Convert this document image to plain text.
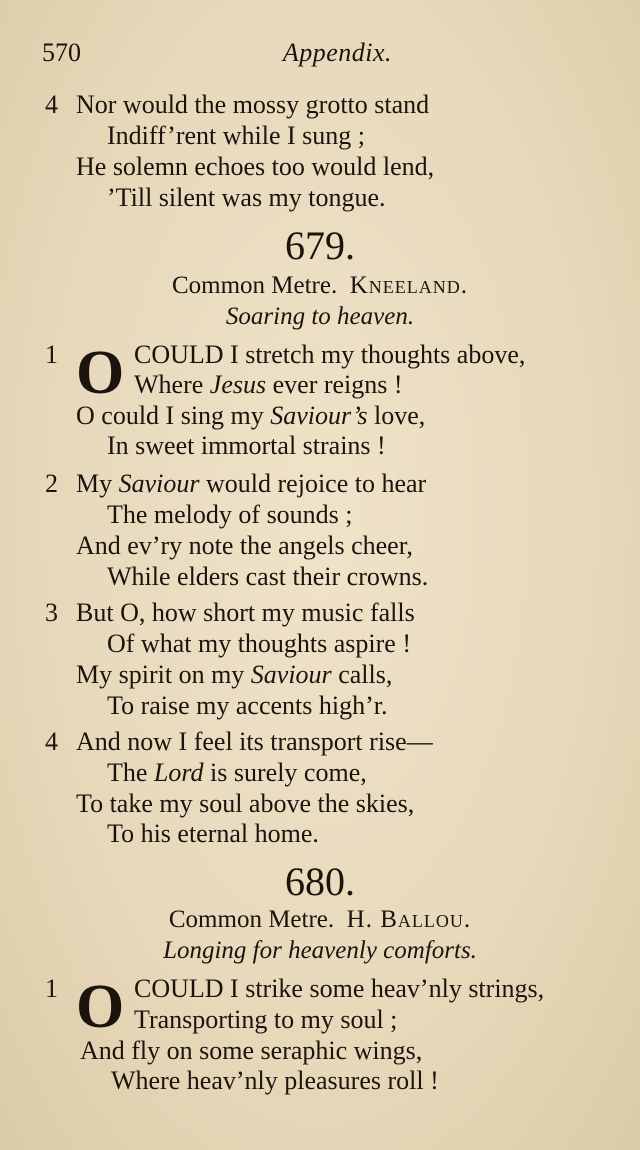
570	Appendix.
4 Nor would the mossy grotto stand
Indiff’rent while I sung ;
He solemn echoes too would lend,
’Till silent was my tongue.
679.
Common Metre. Kneeland.
Soaring to heaven.
1 O COULD I stretch my thoughts above,
Where Jesus ever reigns !
O could I sing my Saviour’s love,
In sweet immortal strains !
2 My Saviour would rejoice to hear
The melody of sounds ;
And ev’ry note the angels cheer,
While elders cast their crowns.
3 But O, how short my music falls
Of what my thoughts aspire !
My spirit on my Saviour calls,
To raise my accents high’r.
4 And now I feel its transport rise—
The Lord is surely come,
To take my soul above the skies,
To his eternal home.
680.
Common Metre. H. Ballou.
Longing for heavenly comforts.
1 O COULD I strike some heav’nly strings,
Transporting to my soul ;
And fly on some seraphic wings,
Where heav’nly pleasures roll !
